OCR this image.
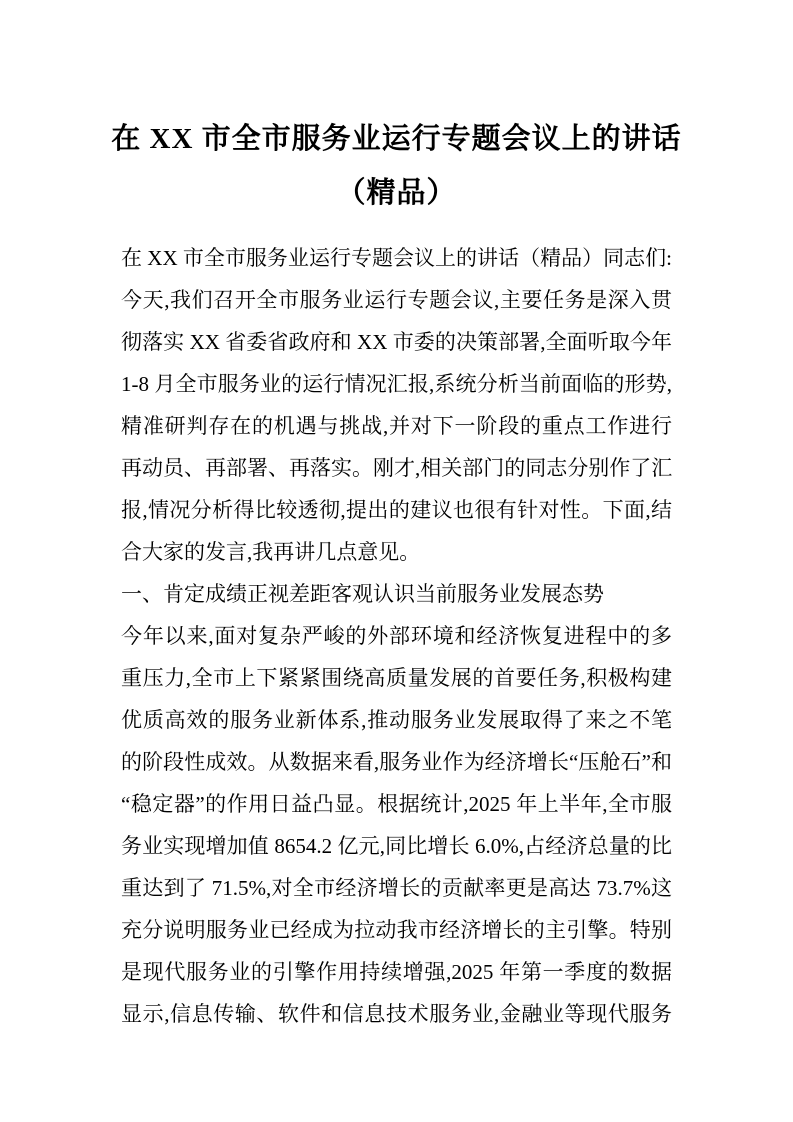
在 XX 市全市服务业运行专题会议上的讲话
（精品）
在 XX 市全市服务业运行专题会议上的讲话（精品）同志们:
今天,我们召开全市服务业运行专题会议,主要任务是深入贯
彻落实 XX 省委省政府和 XX 市委的决策部署,全面听取今年
1-8 月全市服务业的运行情况汇报,系统分析当前面临的形势,
精准研判存在的机遇与挑战,并对下一阶段的重点工作进行
再动员、再部署、再落实。刚才,相关部门的同志分别作了汇
报,情况分析得比较透彻,提出的建议也很有针对性。下面,结
合大家的发言,我再讲几点意见。
一、肯定成绩正视差距客观认识当前服务业发展态势
今年以来,面对复杂严峻的外部环境和经济恢复进程中的多
重压力,全市上下紧紧围绕高质量发展的首要任务,积极构建
优质高效的服务业新体系,推动服务业发展取得了来之不笔
的阶段性成效。从数据来看,服务业作为经济增长“压舱石”和
“稳定器”的作用日益凸显。根据统计,2025 年上半年,全市服
务业实现增加值 8654.2 亿元,同比增长 6.0%,占经济总量的比
重达到了 71.5%,对全市经济增长的贡献率更是高达 73.7%这
充分说明服务业已经成为拉动我市经济增长的主引擎。特别
是现代服务业的引擎作用持续增强,2025 年第一季度的数据
显示,信息传输、软件和信息技术服务业,金融业等现代服务
